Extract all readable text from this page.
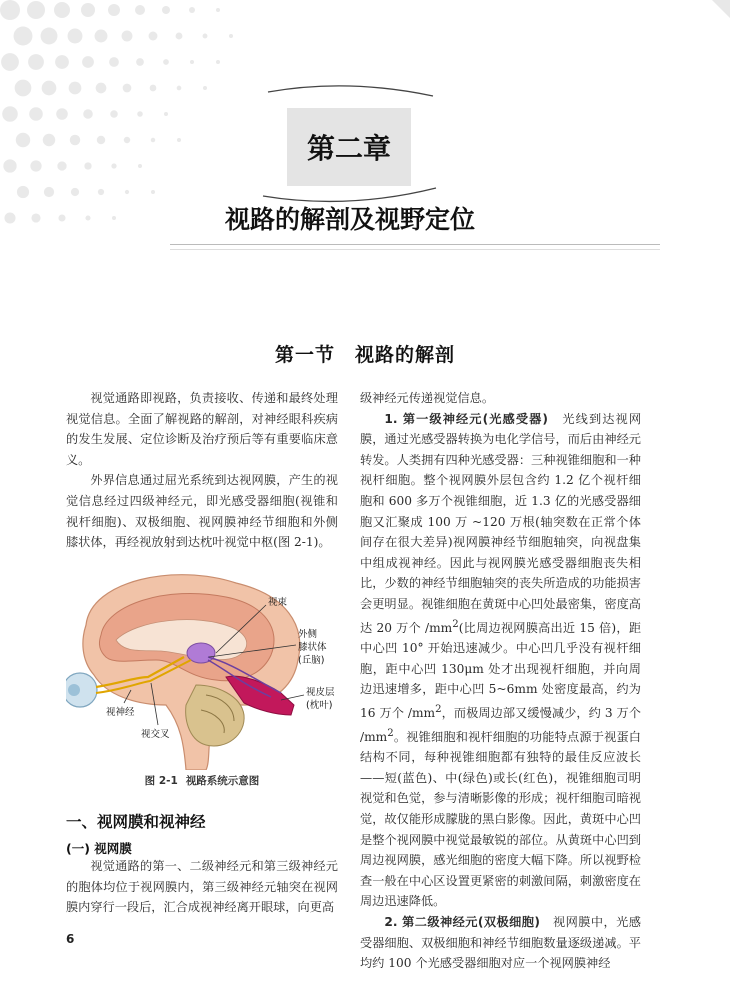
第二章
视路的解剖及视野定位
第一节　视路的解剖

视觉通路即视路，负责接收、传递和最终处理视觉信息。全面了解视路的解剖，对神经眼科疾病的发生发展、定位诊断及治疗预后等有重要临床意义。

外界信息通过屈光系统到达视网膜，产生的视觉信息经过四级神经元，即光感受器细胞(视锥和视杆细胞)、双极细胞、视网膜神经节细胞和外侧膝状体，再经视放射到达枕叶视觉中枢(图 2-1)。

视束
外侧
膝状体
(丘脑)
视皮层
(枕叶)
视神经
视交叉
图 2-1 视路系统示意图
一、视网膜和视神经
(一) 视网膜

视觉通路的第一、二级神经元和第三级神经元的胞体均位于视网膜内，第三级神经元轴突在视网膜内穿行一段后，汇合成视神经离开眼球，向更高

级神经元传递视觉信息。

1. 第一级神经元(光感受器)　光线到达视网膜，通过光感受器转换为电化学信号，而后由神经元转发。人类拥有四种光感受器：三种视锥细胞和一种视杆细胞。整个视网膜外层包含约 1.2 亿个视杆细胞和 600 多万个视锥细胞，近 1.3 亿的光感受器细胞又汇聚成 100 万 ~120 万根(轴突数在正常个体间存在很大差异)视网膜神经节细胞轴突，向视盘集中组成视神经。因此与视网膜光感受器细胞丧失相比，少数的神经节细胞轴突的丧失所造成的功能损害会更明显。视锥细胞在黄斑中心凹处最密集，密度高达 20 万个 $/mm^2$(比周边视网膜高出近 15 倍)，距中心凹 10° 开始迅速减少。中心凹几乎没有视杆细胞，距中心凹 130μm 处才出现视杆细胞，并向周边迅速增多，距中心凹 5~6mm 处密度最高，约为 16 万个 $/mm^2$，而极周边部又缓慢减少，约 3 万个 $/mm^2$。视锥细胞和视杆细胞的功能特点源于视蛋白结构不同，每种视锥细胞都有独特的最佳反应波长——短(蓝色)、中(绿色)或长(红色)，视锥细胞司明视觉和色觉，参与清晰影像的形成；视杆细胞司暗视觉，故仅能形成朦胧的黑白影像。因此，黄斑中心凹是整个视网膜中视觉最敏锐的部位。从黄斑中心凹到周边视网膜，感光细胞的密度大幅下降。所以视野检查一般在中心区设置更紧密的刺激间隔，刺激密度在周边迅速降低。

2. 第二级神经元(双极细胞)　视网膜中，光感受器细胞、双极细胞和神经节细胞数量逐级递减。平均约 100 个光感受器细胞对应一个视网膜神经

6
